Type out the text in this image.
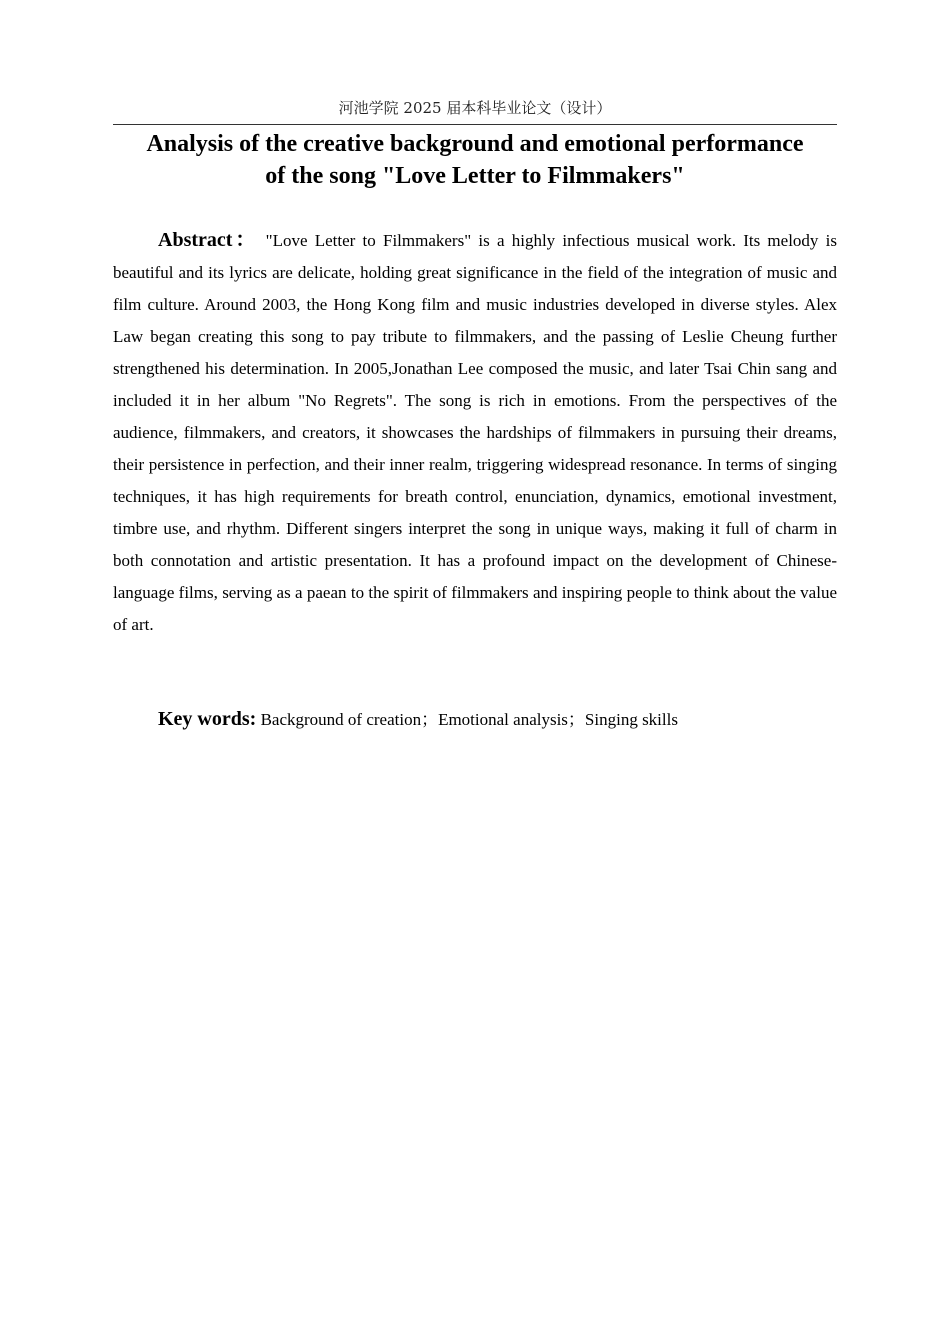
河池学院 2025 届本科毕业论文（设计）
Analysis of the creative background and emotional performance
of the song "Love Letter to Filmmakers"

Abstract： "Love Letter to Filmmakers" is a highly infectious musical work. Its melody is beautiful and its lyrics are delicate, holding great significance in the field of the integration of music and film culture. Around 2003, the Hong Kong film and music industries developed in diverse styles. Alex Law began creating this song to pay tribute to filmmakers, and the passing of Leslie Cheung further strengthened his determination. In 2005,Jonathan Lee composed the music, and later Tsai Chin sang and included it in her album "No Regrets". The song is rich in emotions. From the perspectives of the audience, filmmakers, and creators, it showcases the hardships of filmmakers in pursuing their dreams, their persistence in perfection, and their inner realm, triggering widespread resonance. In terms of singing techniques, it has high requirements for breath control, enunciation, dynamics, emotional investment, timbre use, and rhythm. Different singers interpret the song in unique ways, making it full of charm in both connotation and artistic presentation. It has a profound impact on the development of Chinese-language films, serving as a paean to the spirit of filmmakers and inspiring people to think about the value of art.

Key words: Background of creation；Emotional analysis；Singing skills
